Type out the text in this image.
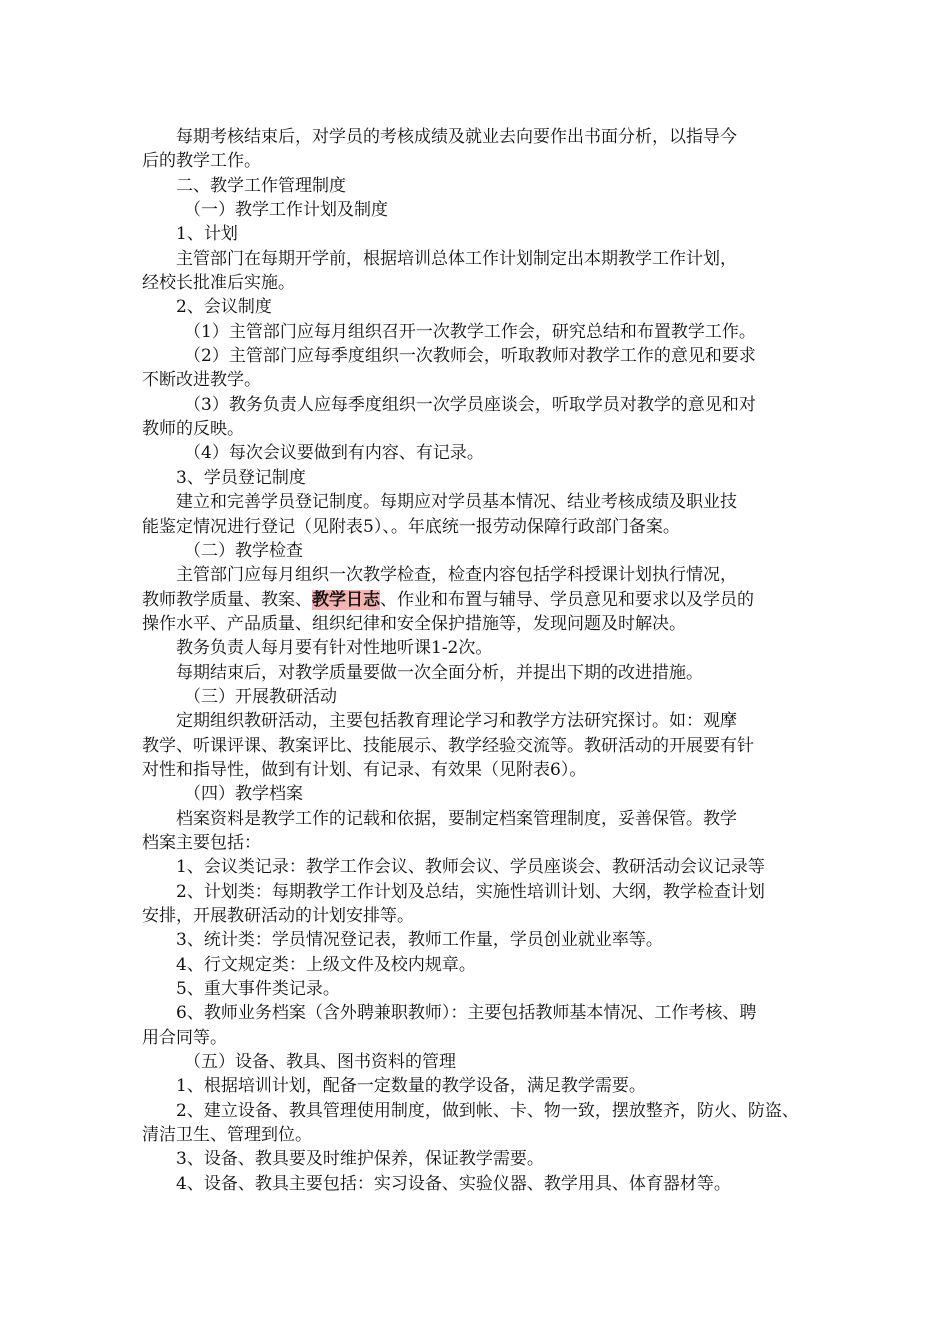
每期考核结束后，对学员的考核成绩及就业去向要作出书面分析，以指导今
后的教学工作。
二、教学工作管理制度
（一）教学工作计划及制度
1、计划
主管部门在每期开学前，根据培训总体工作计划制定出本期教学工作计划，
经校长批准后实施。
2、会议制度
（1）主管部门应每月组织召开一次教学工作会，研究总结和布置教学工作。
（2）主管部门应每季度组织一次教师会，听取教师对教学工作的意见和要求
不断改进教学。
（3）教务负责人应每季度组织一次学员座谈会，听取学员对教学的意见和对
教师的反映。
（4）每次会议要做到有内容、有记录。
3、学员登记制度
建立和完善学员登记制度。每期应对学员基本情况、结业考核成绩及职业技
能鉴定情况进行登记（见附表5）、。年底统一报劳动保障行政部门备案。
（二）教学检查
主管部门应每月组织一次教学检查，检查内容包括学科授课计划执行情况，
教师教学质量、教案、教学日志、作业和布置与辅导、学员意见和要求以及学员的
操作水平、产品质量、组织纪律和安全保护措施等，发现问题及时解决。
教务负责人每月要有针对性地听课1-2次。
每期结束后，对教学质量要做一次全面分析，并提出下期的改进措施。
（三）开展教研活动
定期组织教研活动，主要包括教育理论学习和教学方法研究探讨。如：观摩
教学、听课评课、教案评比、技能展示、教学经验交流等。教研活动的开展要有针
对性和指导性，做到有计划、有记录、有效果（见附表6）。
（四）教学档案
档案资料是教学工作的记载和依据，要制定档案管理制度，妥善保管。教学
档案主要包括：
1、会议类记录：教学工作会议、教师会议、学员座谈会、教研活动会议记录等
2、计划类：每期教学工作计划及总结，实施性培训计划、大纲，教学检查计划
安排，开展教研活动的计划安排等。
3、统计类：学员情况登记表，教师工作量，学员创业就业率等。
4、行文规定类：上级文件及校内规章。
5、重大事件类记录。
6、教师业务档案（含外聘兼职教师）：主要包括教师基本情况、工作考核、聘
用合同等。
（五）设备、教具、图书资料的管理
1、根据培训计划，配备一定数量的教学设备，满足教学需要。
2、建立设备、教具管理使用制度，做到帐、卡、物一致，摆放整齐，防火、防盗、
清洁卫生、管理到位。
3、设备、教具要及时维护保养，保证教学需要。
4、设备、教具主要包括：实习设备、实验仪器、教学用具、体育器材等。
